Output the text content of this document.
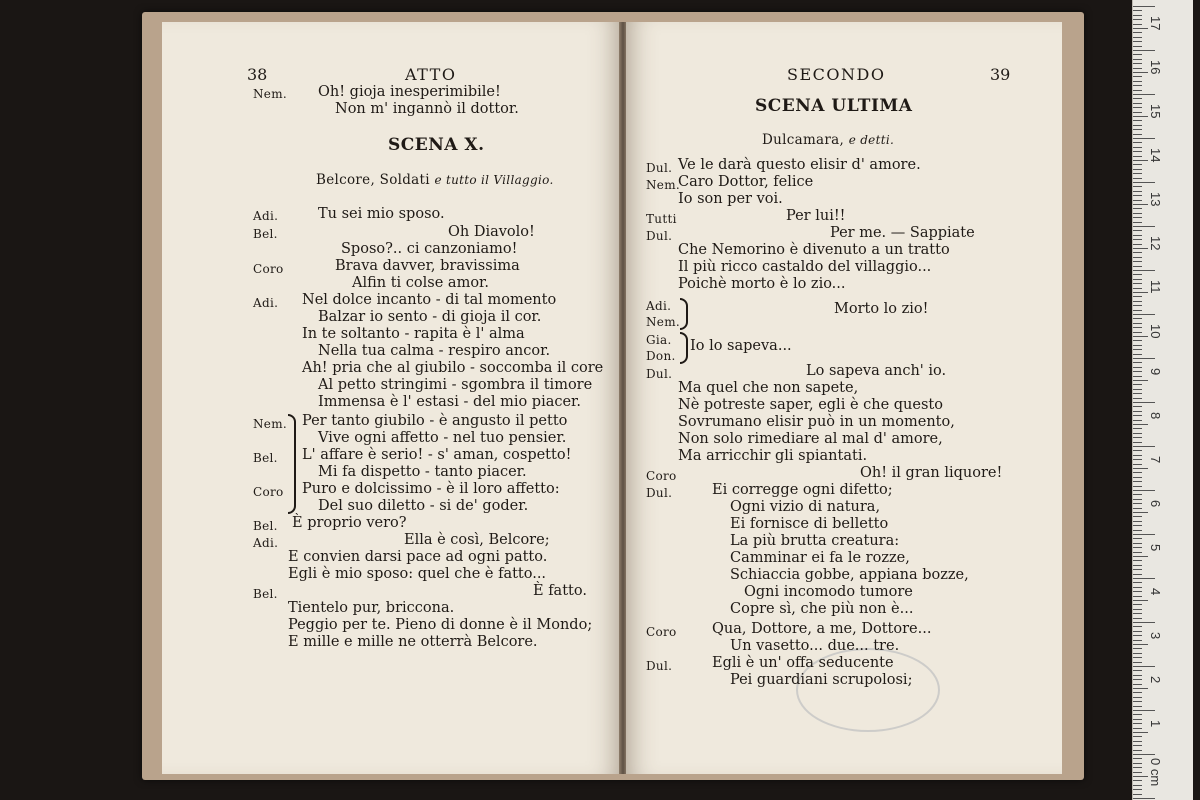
38	ATTO

Nem. Oh! gioja inesperimibile!

Non m' ingannò il dottor.

SCENA X.

Belcore, Soldati e tutto il Villaggio.

Adi.	Tu sei mio sposo.

Bel.	Oh Diavolo!

Sposo?.. ci canzoniamo!

Coro	Brava davver, bravissima

Alfin ti colse amor.

Adi. Nel dolce incanto - di tal momento

Balzar io sento - di gioja il cor.

In te soltanto - rapita è l' alma

Nella tua calma - respiro ancor.

Ah! pria che al giubilo - soccomba il core

Al petto stringimi - sgombra il timore

Immensa è l' estasi - del mio piacer.

Nem. Per tanto giubilo - è angusto il petto

Vive ogni affetto - nel tuo pensier.

Bel. L' affare è serio! - s' aman, cospetto!

Mi fa dispetto - tanto piacer.

Coro Puro e dolcissimo - è il loro affetto:

Del suo diletto - si de' goder.

Bel. È proprio vero?

Adi.	Ella è così, Belcore;

E convien darsi pace ad ogni patto.

Egli è mio sposo: quel che è fatto...

Bel.	È fatto.

Tientelo pur, briccona.

Peggio per te. Pieno di donne è il Mondo;

E mille e mille ne otterrà Belcore.

SECONDO	39

SCENA ULTIMA

Dulcamara, e detti.

Dul. Ve le darà questo elisir d' amore.

Nem.

Caro Dottor, felice

Io son per voi.

Tutti	Per lui!!

Dul.	Per me. — Sappiate

Che Nemorino è divenuto a un tratto

Il più ricco castaldo del villaggio...

Poichè morto è lo zio...

Adi.

Nem.

Morto lo zio!

Gia.

Don.

Io lo sapeva...

Dul.	Lo sapeva anch' io.

Ma quel che non sapete,

Nè potreste saper, egli è che questo

Sovrumano elisir può in un momento,

Non solo rimediare al mal d' amore,

Ma arricchir gli spiantati.

Coro	Oh! il gran liquore!

Dul.	Ei corregge ogni difetto;

Ogni vizio di natura,

Ei fornisce di belletto

La più brutta creatura:

Camminar ei fa le rozze,

Schiaccia gobbe, appiana bozze,

Ogni incomodo tumore

Copre sì, che più non è...

Coro Qua, Dottore, a me, Dottore...

Un vasetto... due... tre.

Dul.	Egli è un' offa seducente

Pei guardiani scrupolosi;

17
16
15
14
13
12
11
10
9
8
7
6
5
4
3
2
1
0 cm
